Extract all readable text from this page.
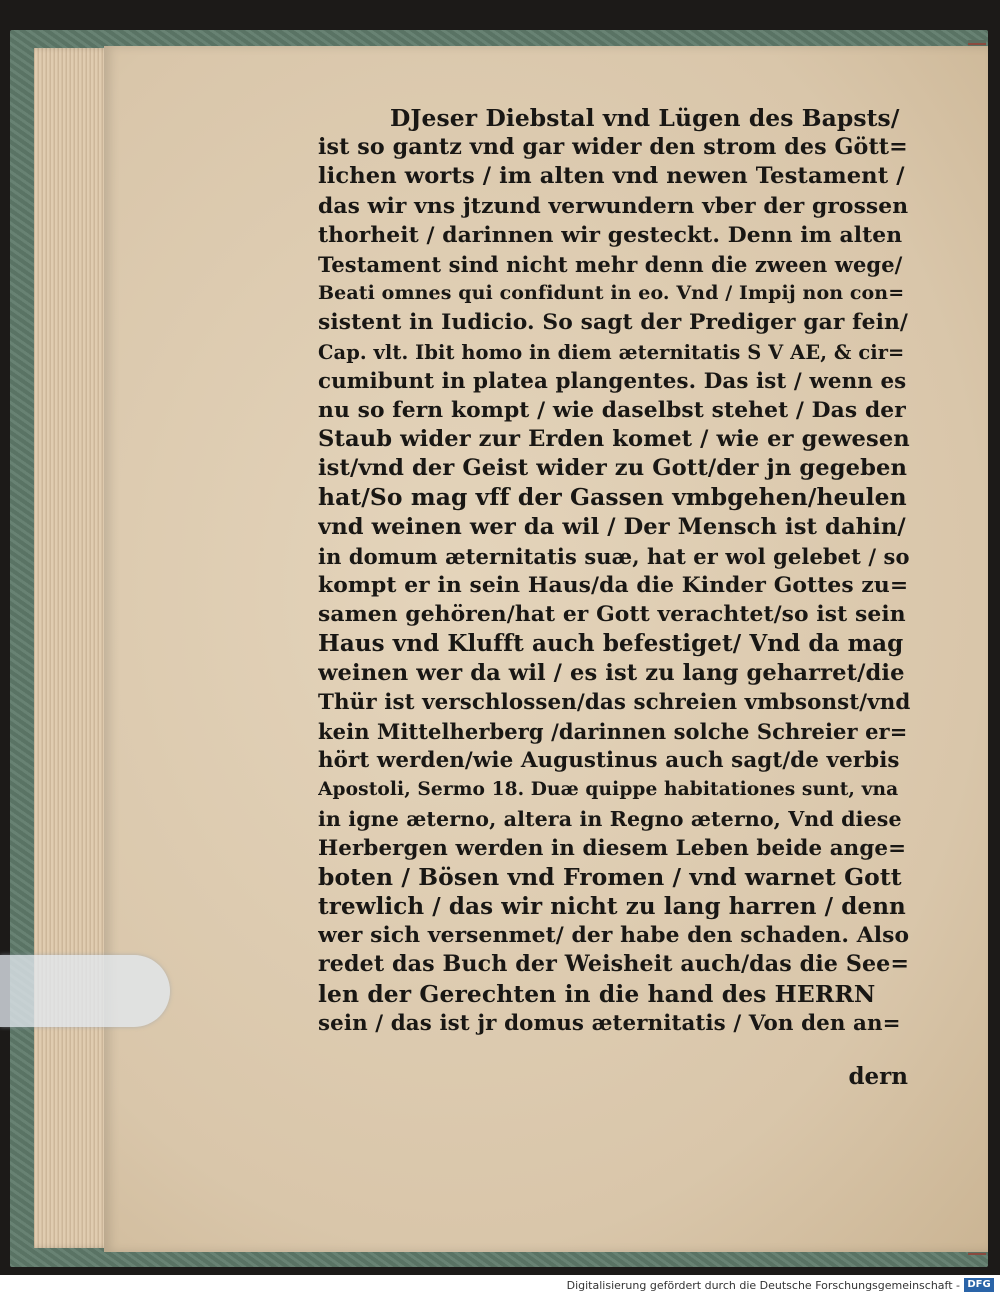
DJeser Diebstal vnd Lügen des Bapsts/
ist so gantz vnd gar wider den strom des Gött=
lichen worts / im alten vnd newen Testament /
das wir vns jtzund verwundern vber der grossen
thorheit / darinnen wir gesteckt. Denn im alten
Testament sind nicht mehr denn die zween wege/
Beati omnes qui confidunt in eo. Vnd / Impij non con=
sistent in Iudicio. So sagt der Prediger gar fein/
Cap. vlt. Ibit homo in diem æternitatis S V AE, & cir=
cumibunt in platea plangentes. Das ist / wenn es
nu so fern kompt / wie daselbst stehet / Das der
Staub wider zur Erden komet / wie er gewesen
ist/vnd der Geist wider zu Gott/der jn gegeben
hat/So mag vff der Gassen vmbgehen/heulen
vnd weinen wer da wil / Der Mensch ist dahin/
in domum æternitatis suæ, hat er wol gelebet / so
kompt er in sein Haus/da die Kinder Gottes zu=
samen gehören/hat er Gott verachtet/so ist sein
Haus vnd Klufft auch befestiget/ Vnd da mag
weinen wer da wil / es ist zu lang geharret/die
Thür ist verschlossen/das schreien vmbsonst/vnd
kein Mittelherberg /darinnen solche Schreier er=
hört werden/wie Augustinus auch sagt/de verbis
Apostoli, Sermo 18. Duæ quippe habitationes sunt, vna
in igne æterno, altera in Regno æterno, Vnd diese
Herbergen werden in diesem Leben beide ange=
boten / Bösen vnd Fromen / vnd warnet Gott
trewlich / das wir nicht zu lang harren / denn
wer sich versenmet/ der habe den schaden. Also
redet das Buch der Weisheit auch/das die See=
len der Gerechten in die hand des HERRN
sein / das ist jr domus æternitatis / Von den an=
dern
Digitalisierung gefördert durch die Deutsche Forschungsgemeinschaft - DFG
